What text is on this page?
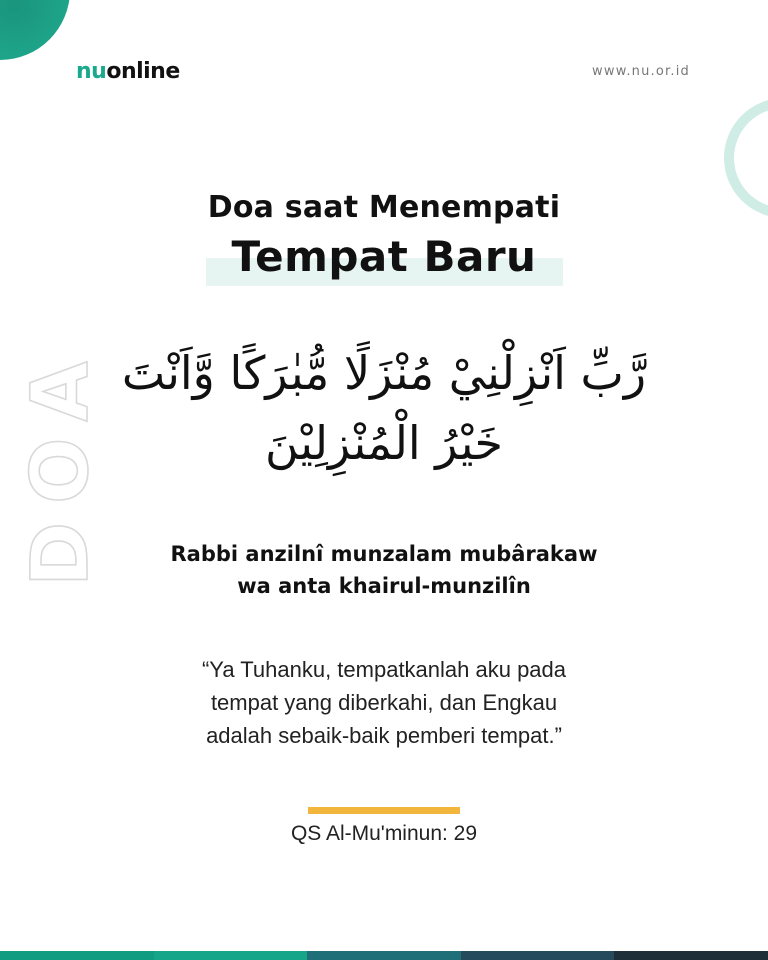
DOA
nuonline	www.nu.or.id
Doa saat Menempati
Tempat Baru
رَّبِّ اَنْزِلْنِيْ مُنْزَلًا مُّبٰرَكًا وَّاَنْتَ
خَيْرُ الْمُنْزِلِيْنَ
Rabbi anzilnî munzalam mubârakaw
wa anta khairul-munzilîn
“Ya Tuhanku, tempatkanlah aku pada
tempat yang diberkahi, dan Engkau
adalah sebaik-baik pemberi tempat.”
QS Al-Mu'minun: 29
